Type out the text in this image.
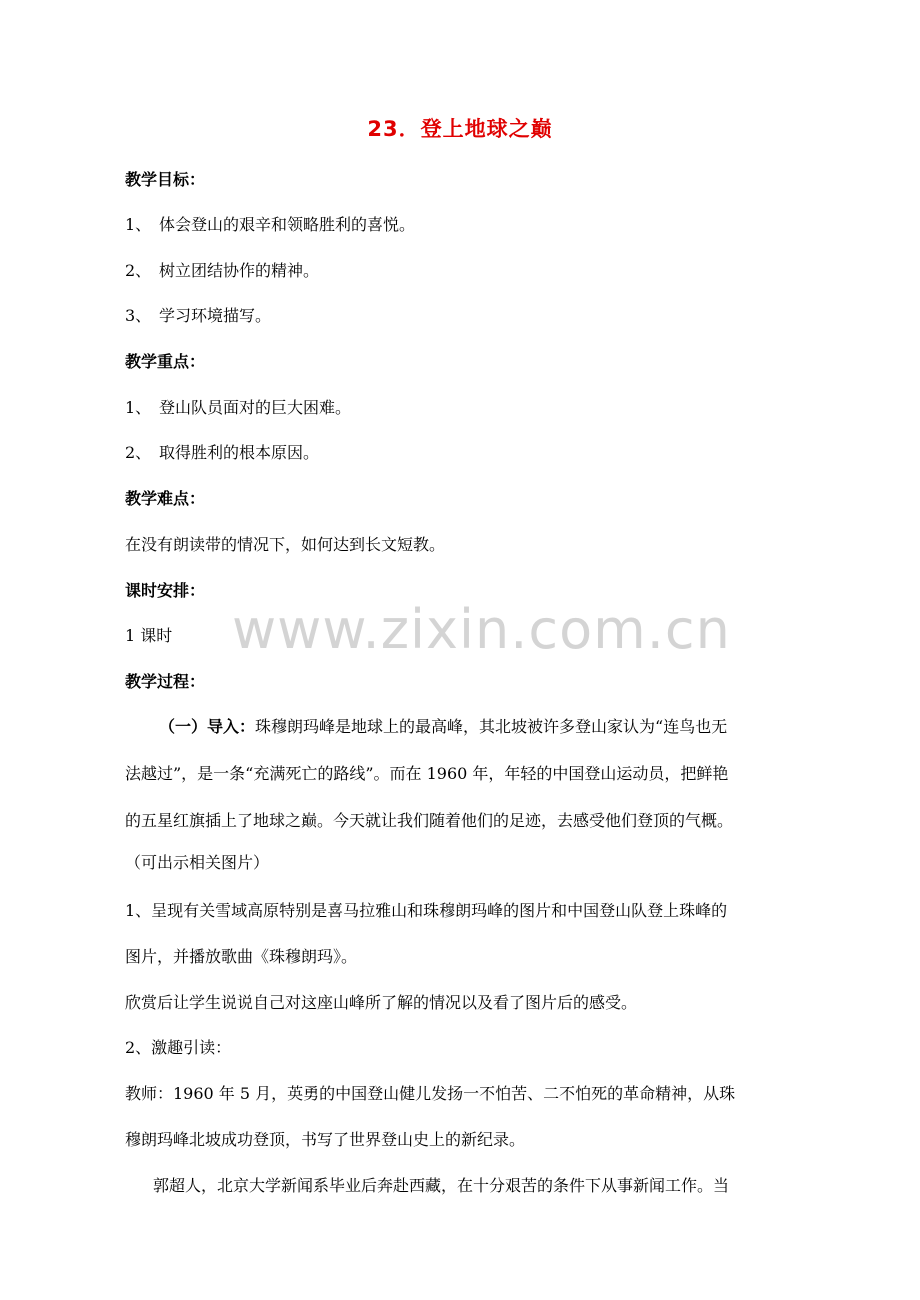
23．登上地球之巅
教学目标：
1、 体会登山的艰辛和领略胜利的喜悦。
2、 树立团结协作的精神。
3、 学习环境描写。
教学重点：
1、 登山队员面对的巨大困难。
2、 取得胜利的根本原因。
教学难点：
在没有朗读带的情况下，如何达到长文短教。
课时安排：
1 课时
教学过程：
（一）导入：珠穆朗玛峰是地球上的最高峰，其北坡被许多登山家认为“连鸟也无
法越过”，是一条“充满死亡的路线”。而在 1960 年，年轻的中国登山运动员，把鲜艳
的五星红旗插上了地球之巅。今天就让我们随着他们的足迹，去感受他们登顶的气概。
（可出示相关图片）
1、呈现有关雪域高原特别是喜马拉雅山和珠穆朗玛峰的图片和中国登山队登上珠峰的
图片，并播放歌曲《珠穆朗玛》。
欣赏后让学生说说自己对这座山峰所了解的情况以及看了图片后的感受。
2、激趣引读：
教师：1960 年 5 月，英勇的中国登山健儿发扬一不怕苦、二不怕死的革命精神，从珠
穆朗玛峰北坡成功登顶，书写了世界登山史上的新纪录。
郭超人，北京大学新闻系毕业后奔赴西藏，在十分艰苦的条件下从事新闻工作。当
www.zixin.com.cn
